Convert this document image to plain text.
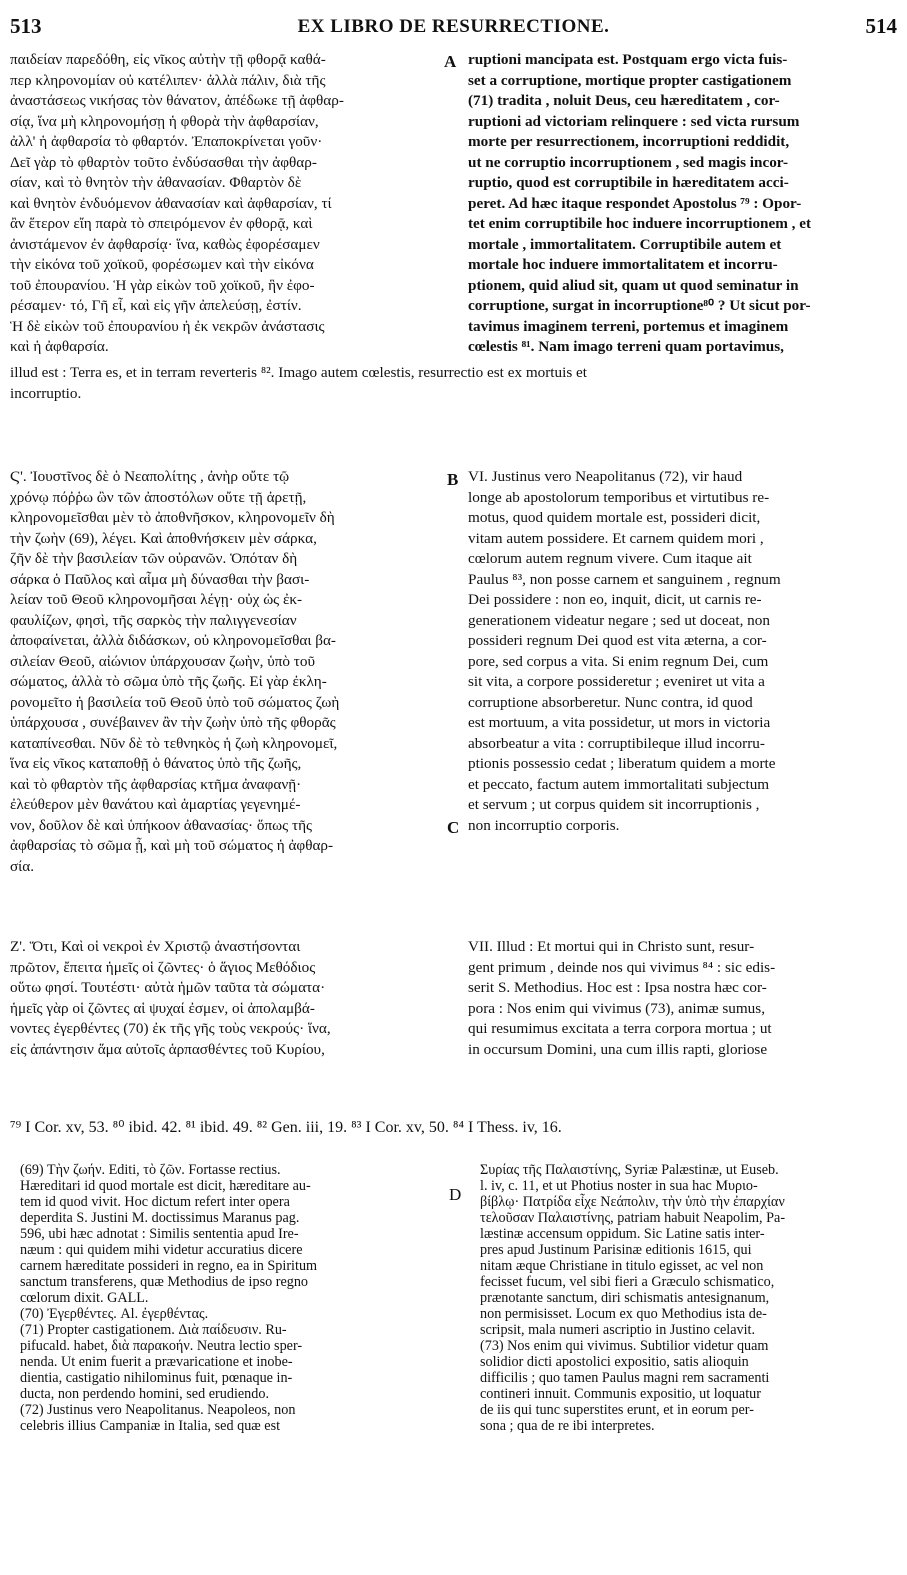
513	EX LIBRO DE RESURRECTIONE.	514
παιδείαν παρεδόθη, εἰς νῖκος αὐτὴν τῇ φθορᾷ καθά-
περ κληρονομίαν οὐ κατέλιπεν· ἀλλὰ πάλιν, διὰ τῆς
ἀναστάσεως νικήσας τὸν θάνατον, ἀπέδωκε τῇ ἀφθαρ-
σίᾳ, ἵνα μὴ κληρονομήσῃ ἡ φθορὰ τὴν ἀφθαρσίαν,
ἀλλ' ἡ ἀφθαρσία τὸ φθαρτόν. Ἐπαποκρίνεται γοῦν·
Δεῖ γὰρ τὸ φθαρτὸν τοῦτο ἐνδύσασθαι τὴν ἀφθαρ-
σίαν, καὶ τὸ θνητὸν τὴν ἀθανασίαν. Φθαρτὸν δὲ
καὶ θνητὸν ἐνδυόμενον ἀθανασίαν καὶ ἀφθαρσίαν, τί
ἂν ἕτερον εἴη παρὰ τὸ σπειρόμενον ἐν φθορᾷ, καὶ
ἀνιστάμενον ἐν ἀφθαρσίᾳ· ἵνα, καθὼς ἐφορέσαμεν
τὴν εἰκόνα τοῦ χοϊκοῦ, φορέσωμεν καὶ τὴν εἰκόνα
τοῦ ἐπουρανίου. Ἡ γὰρ εἰκὼν τοῦ χοϊκοῦ, ἣν ἐφο-
ρέσαμεν· τό, Γῆ εἶ, καὶ εἰς γῆν ἀπελεύσῃ, ἐστίν.
Ἡ δὲ εἰκὼν τοῦ ἐπουρανίου ἡ ἐκ νεκρῶν ἀνάστασις
καὶ ἡ ἀφθαρσία.
A ruptioni mancipata est. Postquam ergo victa fuis-
set a corruptione, mortique propter castigationem
(71) tradita , noluit Deus, ceu hæreditatem , cor-
ruptioni ad victoriam relinquere : sed victa rursum
morte per resurrectionem, incorruptioni reddidit,
ut ne corruptio incorruptionem , sed magis incor-
ruptio, quod est corruptibile in hæreditatem acci-
peret. Ad hæc itaque respondet Apostolus ⁷⁹ : Opor-
tet enim corruptibile hoc induere incorruptionem , et
mortale , immortalitatem. Corruptibile autem et
mortale hoc induere immortalitatem et incorru-
ptionem, quid aliud sit, quam ut quod seminatur in
corruptione, surgat in incorruptione⁸⁰ ? Ut sicut por-
tavimus imaginem terreni, portemus et imaginem
cœlestis ⁸¹. Nam imago terreni quam portavimus,
illud est : Terra es, et in terram reverteris ⁸². Imago autem cœlestis, resurrectio est ex mortuis et
incorruptio.
Ϛ'. Ἰουστῖνος δὲ ὁ Νεαπολίτης , ἀνὴρ οὔτε τῷ
χρόνῳ πόῤῥω ὢν τῶν ἀποστόλων οὔτε τῇ ἀρετῇ,
κληρονομεῖσθαι μὲν τὸ ἀποθνῆσκον, κληρονομεῖν δὴ
τὴν ζωὴν (69), λέγει. Καὶ ἀποθνήσκειν μὲν σάρκα,
ζῆν δὲ τὴν βασιλείαν τῶν οὐρανῶν. Ὁπόταν δὴ
σάρκα ὁ Παῦλος καὶ αἷμα μὴ δύνασθαι τὴν βασι-
λείαν τοῦ Θεοῦ κληρονομῆσαι λέγῃ· οὐχ ὡς ἐκ-
φαυλίζων, φησὶ, τῆς σαρκὸς τὴν παλιγγενεσίαν
ἀποφαίνεται, ἀλλὰ διδάσκων, οὐ κληρονομεῖσθαι βα-
σιλείαν Θεοῦ, αἰώνιον ὑπάρχουσαν ζωὴν, ὑπὸ τοῦ
σώματος, ἀλλὰ τὸ σῶμα ὑπὸ τῆς ζωῆς. Εἰ γὰρ ἐκλη-
ρονομεῖτο ἡ βασιλεία τοῦ Θεοῦ ὑπὸ τοῦ σώματος ζωὴ
ὑπάρχουσα , συνέβαινεν ἂν τὴν ζωὴν ὑπὸ τῆς φθορᾶς
καταπίνεσθαι. Νῦν δὲ τὸ τεθνηκὸς ἡ ζωὴ κληρονομεῖ,
ἵνα εἰς νῖκος καταποθῇ ὁ θάνατος ὑπὸ τῆς ζωῆς,
καὶ τὸ φθαρτὸν τῆς ἀφθαρσίας κτῆμα ἀναφανῇ·
ἐλεύθερον μὲν θανάτου καὶ ἁμαρτίας γεγενημέ-
νον, δοῦλον δὲ καὶ ὑπήκοον ἀθανασίας· ὅπως τῆς
ἀφθαρσίας τὸ σῶμα ᾖ, καὶ μὴ τοῦ σώματος ἡ ἀφθαρ-
σία.
B VI. Justinus vero Neapolitanus (72), vir haud
longe ab apostolorum temporibus et virtutibus re-
motus, quod quidem mortale est, possideri dicit,
vitam autem possidere. Et carnem quidem mori ,
cœlorum autem regnum vivere. Cum itaque ait
Paulus ⁸³, non posse carnem et sanguinem , regnum
Dei possidere : non eo, inquit, dicit, ut carnis re-
generationem videatur negare ; sed ut doceat, non
possideri regnum Dei quod est vita æterna, a cor-
pore, sed corpus a vita. Si enim regnum Dei, cum
sit vita, a corpore possideretur ; eveniret ut vita a
corruptione absorberetur. Nunc contra, id quod
est mortuum, a vita possidetur, ut mors in victoria
absorbeatur a vita : corruptibileque illud incorru-
ptionis possessio cedat ; liberatum quidem a morte
et peccato, factum autem immortalitati subjectum
et servum ; ut corpus quidem sit incorruptionis ,
non incorruptio corporis.
C
Ζ'. Ὅτι, Καὶ οἱ νεκροὶ ἐν Χριστῷ ἀναστήσονται
πρῶτον, ἔπειτα ἡμεῖς οἱ ζῶντες· ὁ ἅγιος Μεθόδιος
οὕτω φησί. Τουτέστι· αὐτὰ ἡμῶν ταῦτα τὰ σώματα·
ἡμεῖς γὰρ οἱ ζῶντες αἱ ψυχαί ἐσμεν, οἱ ἀπολαμβά-
νοντες ἐγερθέντες (70) ἐκ τῆς γῆς τοὺς νεκρούς· ἵνα,
εἰς ἀπάντησιν ἅμα αὐτοῖς ἁρπασθέντες τοῦ Κυρίου,
VII. Illud : Et mortui qui in Christo sunt, resur-
gent primum , deinde nos qui vivimus ⁸⁴ : sic edis-
serit S. Methodius. Hoc est : Ipsa nostra hæc cor-
pora : Nos enim qui vivimus (73), animæ sumus,
qui resumimus excitata a terra corpora mortua ; ut
in occursum Domini, una cum illis rapti, gloriose
⁷⁹ I Cor. xv, 53. ⁸⁰ ibid. 42. ⁸¹ ibid. 49. ⁸² Gen. iii, 19. ⁸³ I Cor. xv, 50. ⁸⁴ I Thess. iv, 16.
(69) Τὴν ζωήν. Editi, τὸ ζῶν. Fortasse rectius.
Hæreditari id quod mortale est dicit, hæreditare au-
tem id quod vivit. Hoc dictum refert inter opera
deperdita S. Justini M. doctissimus Maranus pag.
596, ubi hæc adnotat : Similis sententia apud Ire-
næum : qui quidem mihi videtur accuratius dicere
carnem hæreditate possideri in regno, ea in Spiritum
sanctum transferens, quæ Methodius de ipso regno
cœlorum dixit. GALL.
(70) Ἐγερθέντες. Al. ἐγερθέντας.
(71) Propter castigationem. Διὰ παίδευσιν. Ru-
pifucald. habet, διὰ παρακοήν. Neutra lectio sper-
nenda. Ut enim fuerit a prævaricatione et inobe-
dientia, castigatio nihilominus fuit, pœnaque in-
ducta, non perdendo homini, sed erudiendo.
(72) Justinus vero Neapolitanus. Neapoleos, non
celebris illius Campaniæ in Italia, sed quæ est
D
Συρίας τῆς Παλαιστίνης, Syriæ Palæstinæ, ut Euseb.
l. iv, c. 11, et ut Photius noster in sua hac Μυριο-
βίβλῳ· Πατρίδα εἶχε Νεάπολιν, τὴν ὑπὸ τὴν ἐπαρχίαν
τελοῦσαν Παλαιστίνης, patriam habuit Neapolim, Pa-
læstinæ accensum oppidum. Sic Latine satis inter-
pres apud Justinum Parisinæ editionis 1615, qui
nitam æque Christiane in titulo egisset, ac vel non
fecisset fucum, vel sibi fieri a Græculo schismatico,
prænotante sanctum, diri schismatis antesignanum,
non permisisset. Locum ex quo Methodius ista de-
scripsit, mala numeri ascriptio in Justino celavit.
(73) Nos enim qui vivimus. Subtilior videtur quam
solidior dicti apostolici expositio, satis alioquin
difficilis ; quo tamen Paulus magni rem sacramenti
contineri innuit. Communis expositio, ut loquatur
de iis qui tunc superstites erunt, et in eorum per-
sona ; qua de re ibi interpretes.
